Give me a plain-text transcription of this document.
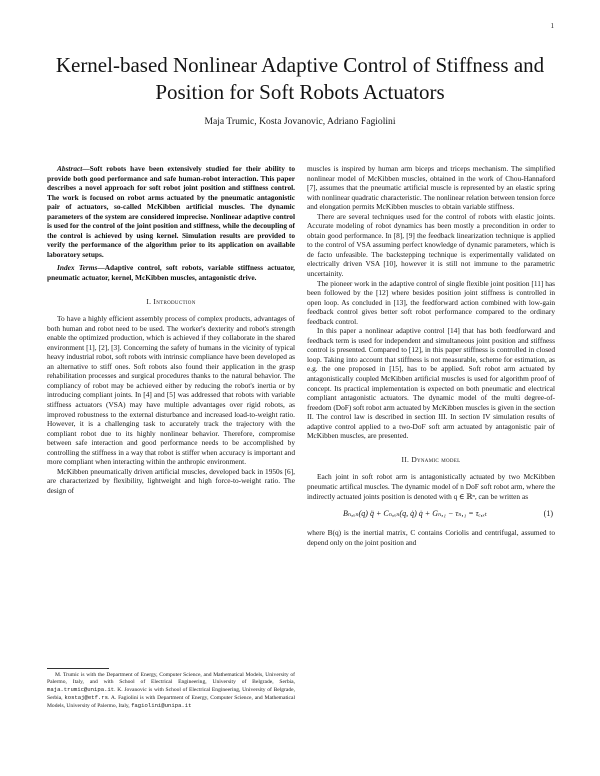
1
Kernel-based Nonlinear Adaptive Control of Stiffness and Position for Soft Robots Actuators
Maja Trumic, Kosta Jovanovic, Adriano Fagiolini

Abstract—Soft robots have been extensively studied for their ability to provide both good performance and safe human-robot interaction. This paper describes a novel approach for soft robot joint position and stiffness control. The work is focused on robot arms actuated by the pneumatic antagonistic pair of actuators, so-called McKibben artificial muscles. The dynamic parameters of the system are considered imprecise. Nonlinear adaptive control is used for the control of the joint position and stiffness, while the decoupling of the control is achieved by using kernel. Simulation results are provided to verify the performance of the algorithm prior to its application on available laboratory setups.

Index Terms—Adaptive control, soft robots, variable stiffness actuator, pneumatic actuator, kernel, McKibben muscles, antagonistic drive.

I. Introduction

To have a highly efficient assembly process of complex products, advantages of both human and robot need to be used. The worker's dexterity and robot's strength enable the optimized production, which is achieved if they collaborate in the shared environment [1], [2], [3]. Concerning the safety of humans in the vicinity of typical heavy industrial robot, soft robots with intrinsic compliance have been developed as an alternative to stiff ones. Soft robots also found their application in the grasp rehabilitation processes and surgical procedures thanks to the natural behavior. The compliancy of robot may be achieved either by reducing the robot's inertia or by introducing compliant joints. In [4] and [5] was addressed that robots with variable stiffness actuators (VSA) may have multiple advantages over rigid robots, as improved robustness to the external disturbance and increased load-to-weight ratio. However, it is a challenging task to accurately track the trajectory with the compliant robot due to its highly nonlinear behavior. Therefore, compromise between safe interaction and good performance needs to be accomplished by controlling the stiffness in a way that robot is stiffer when accuracy is important and more compliant when interacting within the anthropic environment.

McKibben pneumatically driven artificial muscles, developed back in 1950s [6], are characterized by flexibility, lightweight and high force-to-weight ratio. The design of

M. Trumic is with the Department of Energy, Computer Science, and Mathematical Models, University of Palermo, Italy, and with School of Electrical Engineering, University of Belgrade, Serbia, maja.trumic@unipa.it. K. Jovanovic is with School of Electrical Engineering, University of Belgrade, Serbia, kostaj@etf.rs. A. Fagiolini is with Department of Energy, Computer Science, and Mathematical Models, University of Palermo, Italy, fagiolini@unipa.it

muscles is inspired by human arm biceps and triceps mechanism. The simplified nonlinear model of McKibben muscles, obtained in the work of Chou-Hannaford [7], assumes that the pneumatic artificial muscle is represented by an elastic spring with nonlinear quadratic characteristic. The nonlinear relation between tension force and elongation permits McKibben muscles to obtain variable stiffness.

There are several techniques used for the control of robots with elastic joints. Accurate modeling of robot dynamics has been mostly a precondition in order to obtain good performance. In [8], [9] the feedback linearization technique is applied to the control of VSA assuming perfect knowledge of dynamic parameters, which is de facto unfeasible. The backstepping technique is experimentally validated on electrically driven VSA [10], however it is still not immune to the parametric uncertainity.

The pioneer work in the adaptive control of single flexible joint position [11] has been followed by the [12] where besides position joint stiffness is controlled in open loop. As concluded in [13], the feedforward action combined with low-gain feedback control gives better soft robot performance compared to the ordinary feedback control.

In this paper a nonlinear adaptive control [14] that has both feedforward and feedback term is used for independent and simultaneous joint position and stiffness control is presented. Compared to [12], in this paper stiffness is controlled in closed loop. Taking into account that stiffness is not measurable, scheme for estimation, as e.g. the one proposed in [15], has to be applied. Soft robot arm actuated by antagonistically coupled McKibben artificial muscles is used for algorithm proof of concept. Its practical implementation is expected on both pneumatic and electrical compliant antagonistic actuators. The dynamic model of the multi degree-of-freedom (DoF) soft robot arm actuated by McKibben muscles is given in the section II. The control law is described in section III. In section IV simulation results of adaptive control applied to a two-DoF soft arm actuated by antagonistic pair of McKibben muscles, are presented.

II. Dynamic model

Each joint in soft robot arm is antagonistically actuated by two McKibben pneumatic artifical muscles. The dynamic model of n DoF soft robot arm, where the indirectly actuated joints position is denoted with q ∈ ℝⁿ, can be written as

Bₙ,ₓₙ(q) q̈ + Cₙ,ₓₙ(q, q̇) q̇ + Gₙ,₁ − τₙ,₁ = τₑ,ₓₜ	(1)

where B(q) is the inertial matrix, C contains Coriolis and centrifugal, assumed to depend only on the joint position and
